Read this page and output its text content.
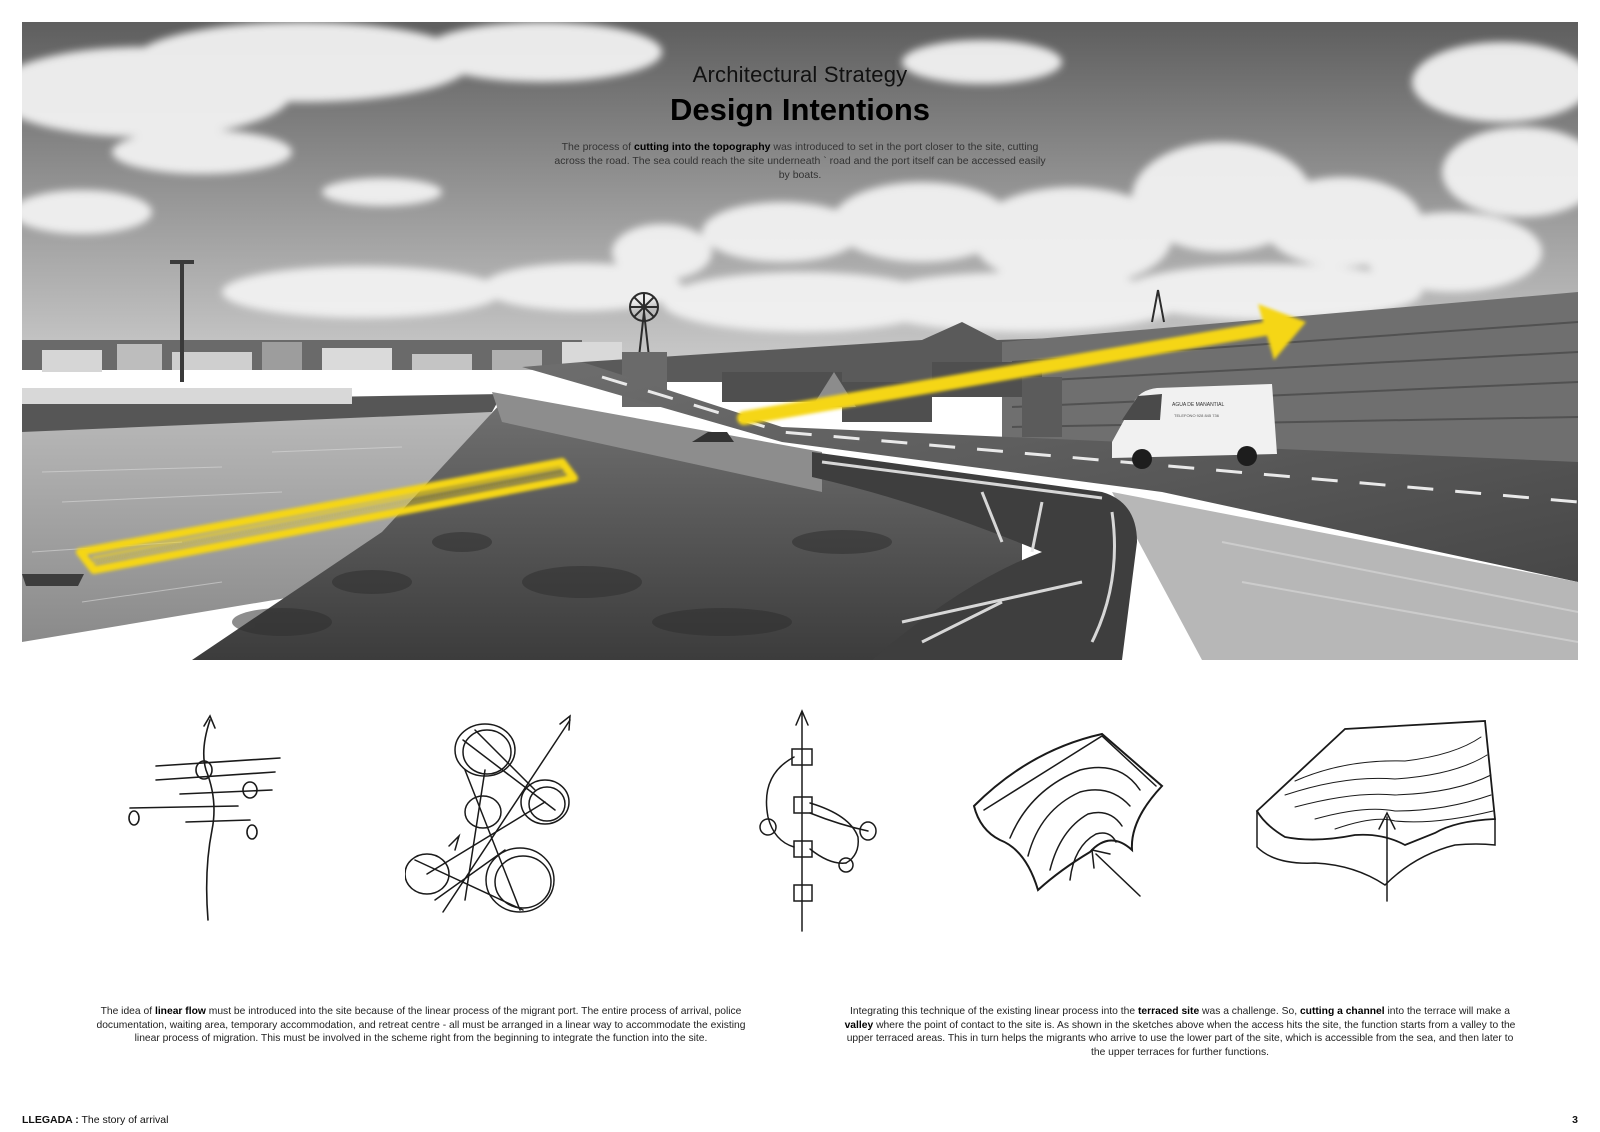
AGUA DE MANANTIAL
TELEFONO 928 845 736
Architectural Strategy
Design Intentions
The process of cutting into the topography was introduced to set in the port closer to the site, cutting across the road. The sea could reach the site underneath ` road and the port itself can be accessed easily by boats.
The idea of linear flow must be introduced into the site because of the linear process of the migrant port. The entire process of arrival, police documentation, waiting area, temporary accommodation, and retreat centre - all must be arranged in a linear way to accommodate the existing linear process of migration. This must be involved in the scheme right from the beginning to integrate the function into the site.
Integrating this technique of the existing linear process into the terraced site was a challenge. So, cutting a channel into the terrace will make a valley where the point of contact to the site is. As shown in the sketches above when the access hits the site, the function starts from a valley to the upper terraced areas. This in turn helps the migrants who arrive to use the lower part of the site, which is accessible from the sea, and then later to the upper terraces for further functions.
LLEGADA : The story of arrival	3
